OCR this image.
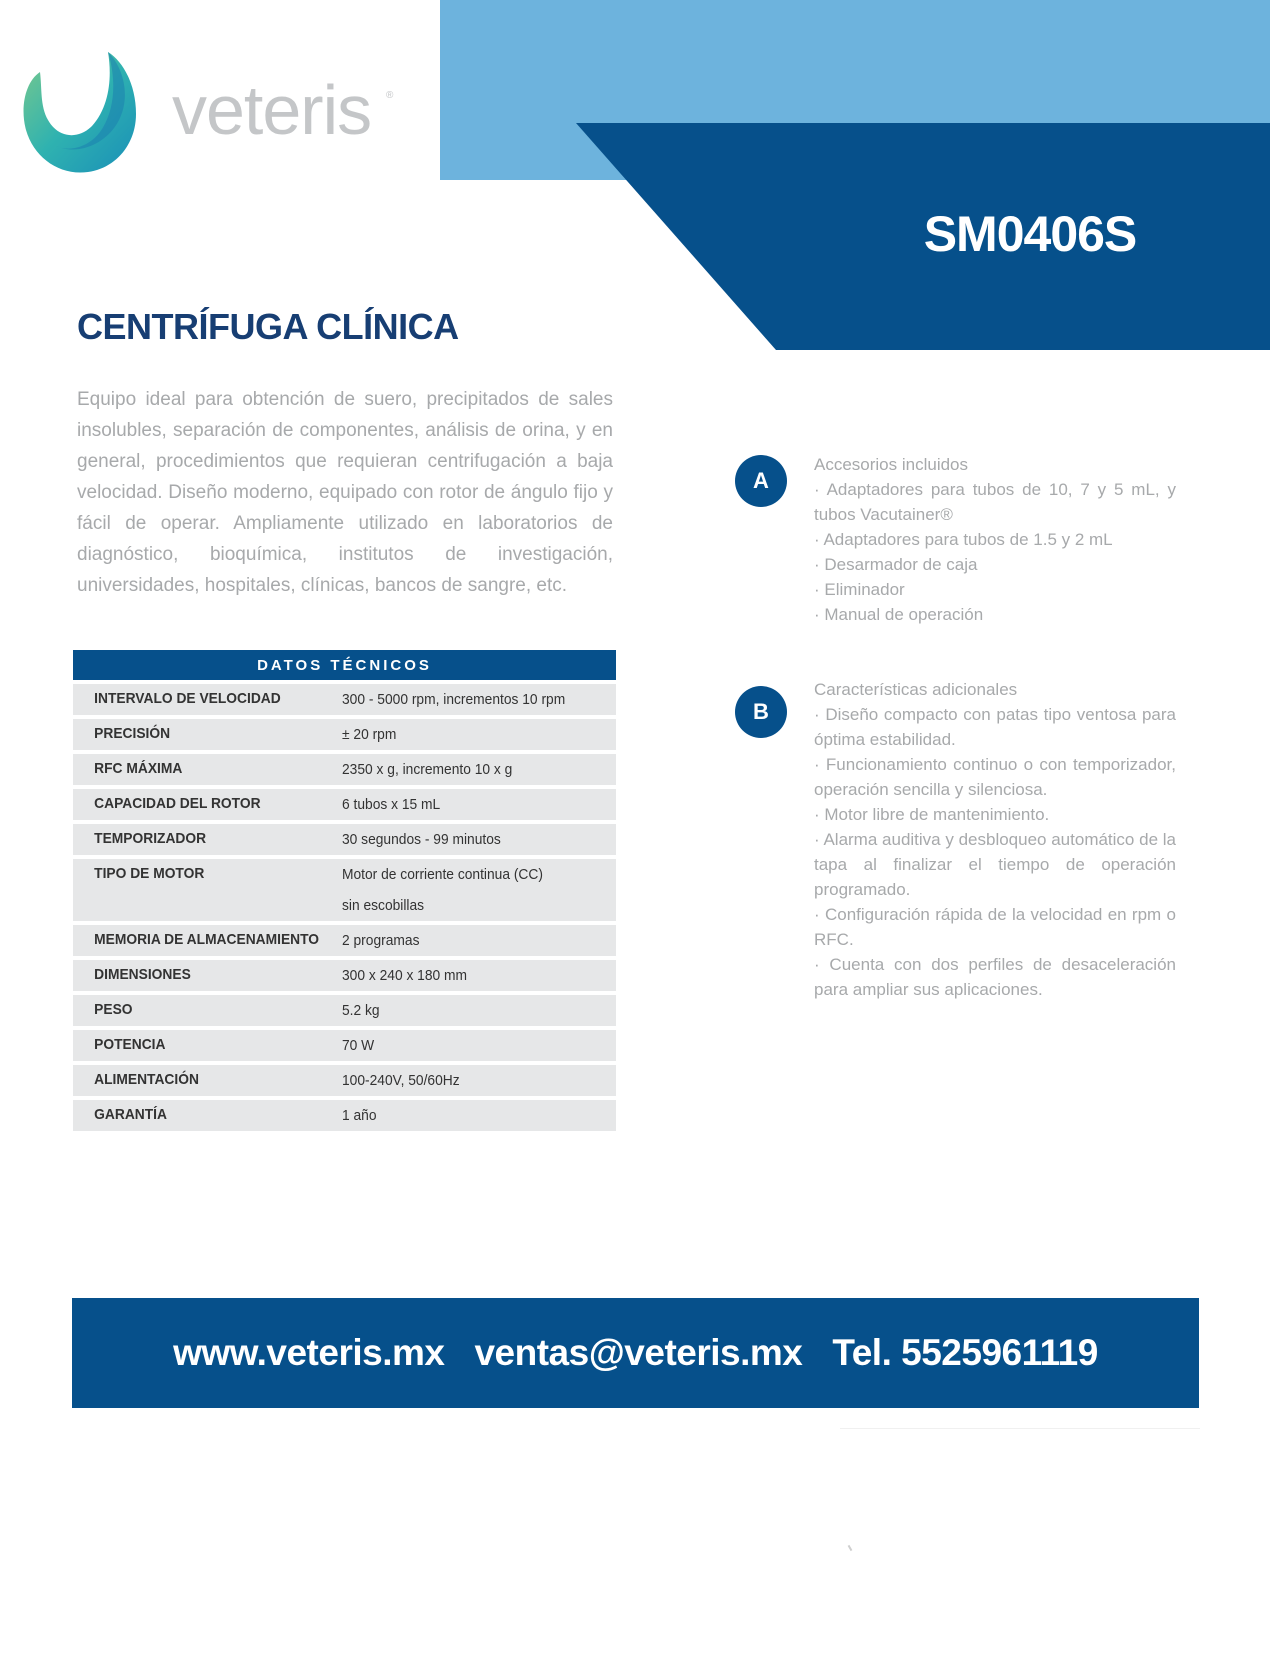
SM0406S
veteris ®
CENTRÍFUGA CLÍNICA
Equipo ideal para obtención de suero, precipitados de sales insolubles, separación de componentes, análisis de orina, y en general, procedimientos que requieran centrifugación a baja velocidad. Diseño moderno, equipado con rotor de ángulo fijo y fácil de operar. Ampliamente utilizado en laboratorios de diagnóstico, bioquímica, institutos de investigación, universidades, hospitales, clínicas, bancos de sangre, etc.
DATOS TÉCNICOS
INTERVALO DE VELOCIDAD	300 - 5000 rpm, incrementos 10 rpm
PRECISIÓN	± 20 rpm
RFC MÁXIMA	2350 x g, incremento 10 x g
CAPACIDAD DEL ROTOR	6 tubos x 15 mL
TEMPORIZADOR	30 segundos - 99 minutos
TIPO DE MOTOR	Motor de corriente continua (CC)
sin escobillas
MEMORIA DE ALMACENAMIENTO 2 programas
DIMENSIONES	300 x 240 x 180 mm
PESO	5.2 kg
POTENCIA	70 W
ALIMENTACIÓN	100-240V, 50/60Hz
GARANTÍA	1 año
A
Accesorios incluidos
· Adaptadores para tubos de 10, 7 y 5 mL, y tubos Vacutainer®
· Adaptadores para tubos de 1.5 y 2 mL
· Desarmador de caja
· Eliminador
· Manual de operación
B
Características adicionales
· Diseño compacto con patas tipo ventosa para óptima estabilidad.
· Funcionamiento continuo o con temporizador, operación sencilla y silenciosa.
· Motor libre de mantenimiento.
· Alarma auditiva y desbloqueo automático de la tapa al finalizar el tiempo de operación programado.
· Configuración rápida de la velocidad en rpm o RFC.
· Cuenta con dos perfiles de desaceleración para ampliar sus aplicaciones.
www.veteris.mx ventas@veteris.mx Tel. 5525961119
